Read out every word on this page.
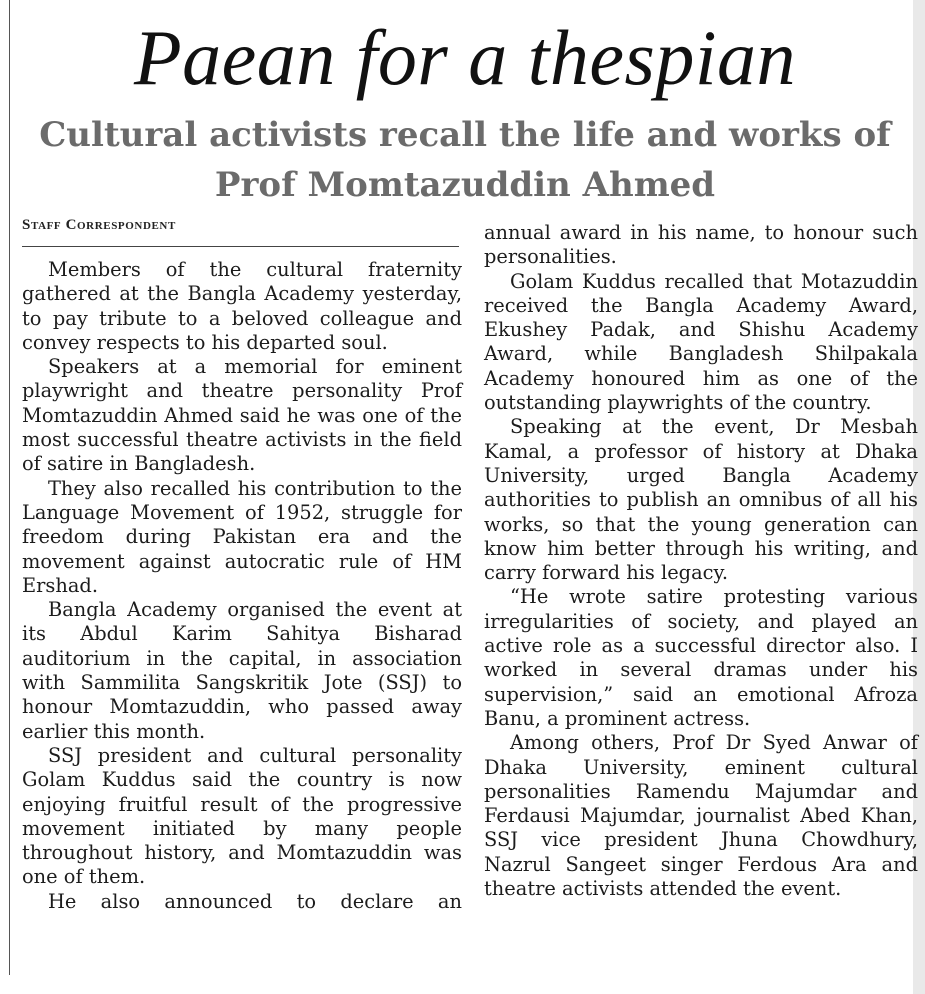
Paean for a thespian
Cultural activists recall the life and works of
Prof Momtazuddin Ahmed
Staff Correspondent

Members of the cultural fraternity gathered at the Bangla Academy yesterday, to pay tribute to a beloved colleague and convey respects to his departed soul.

Speakers at a memorial for eminent playwright and theatre personality Prof Momtazuddin Ahmed said he was one of the most successful theatre activists in the field of satire in Bangladesh.

They also recalled his contribution to the Language Movement of 1952, struggle for freedom during Pakistan era and the movement against autocratic rule of HM Ershad.

Bangla Academy organised the event at its Abdul Karim Sahitya Bisharad auditorium in the capital, in association with Sammilita Sangskritik Jote (SSJ) to honour Momtazuddin, who passed away earlier this month.

SSJ president and cultural personality Golam Kuddus said the country is now enjoying fruitful result of the progressive movement initiated by many people throughout history, and Momtazuddin was one of them.

He also announced to declare an

annual award in his name, to honour such personalities.

Golam Kuddus recalled that Motazuddin received the Bangla Academy Award, Ekushey Padak, and Shishu Academy Award, while Bangladesh Shilpakala Academy honoured him as one of the outstanding playwrights of the country.

Speaking at the event, Dr Mesbah Kamal, a professor of history at Dhaka University, urged Bangla Academy authorities to publish an omnibus of all his works, so that the young generation can know him better through his writing, and carry forward his legacy.

“He wrote satire protesting various irregularities of society, and played an active role as a successful director also. I worked in several dramas under his supervision,” said an emotional Afroza Banu, a prominent actress.

Among others, Prof Dr Syed Anwar of Dhaka University, eminent cultural personalities Ramendu Majumdar and Ferdausi Majumdar, journalist Abed Khan, SSJ vice president Jhuna Chowdhury, Nazrul Sangeet singer Ferdous Ara and theatre activists attended the event.
